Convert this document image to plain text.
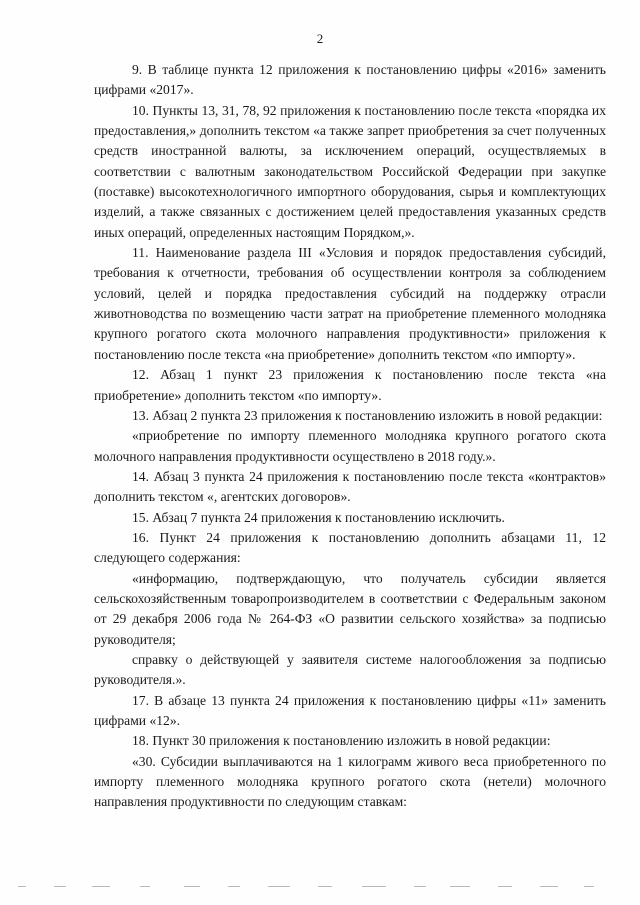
2

9. В таблице пункта 12 приложения к постановлению цифры «2016» заменить цифрами «2017».

10. Пункты 13, 31, 78, 92 приложения к постановлению после текста «порядка их предоставления,» дополнить текстом «а также запрет приобретения за счет полученных средств иностранной валюты, за исключением операций, осуществляемых в соответствии с валютным законодательством Российской Федерации при закупке (поставке) высокотехнологичного импортного оборудования, сырья и комплектующих изделий, а также связанных с достижением целей предоставления указанных средств иных операций, определенных настоящим Порядком,».

11. Наименование раздела III «Условия и порядок предоставления субсидий, требования к отчетности, требования об осуществлении контроля за соблюдением условий, целей и порядка предоставления субсидий на поддержку отрасли животноводства по возмещению части затрат на приобретение племенного молодняка крупного рогатого скота молочного направления продуктивности» приложения к постановлению после текста «на приобретение» дополнить текстом «по импорту».

12. Абзац 1 пункт 23 приложения к постановлению после текста «на приобретение» дополнить текстом «по импорту».

13. Абзац 2 пункта 23 приложения к постановлению изложить в новой редакции:

«приобретение по импорту племенного молодняка крупного рогатого скота молочного направления продуктивности осуществлено в 2018 году.».

14. Абзац 3 пункта 24 приложения к постановлению после текста «контрактов» дополнить текстом «, агентских договоров».

15. Абзац 7 пункта 24 приложения к постановлению исключить.

16. Пункт 24 приложения к постановлению дополнить абзацами 11, 12 следующего содержания:

«информацию, подтверждающую, что получатель субсидии является сельскохозяйственным товаропроизводителем в соответствии с Федеральным законом от 29 декабря 2006 года № 264-ФЗ «О развитии сельского хозяйства» за подписью руководителя;

справку о действующей у заявителя системе налогообложения за подписью руководителя.».

17. В абзаце 13 пункта 24 приложения к постановлению цифры «11» заменить цифрами «12».

18. Пункт 30 приложения к постановлению изложить в новой редакции:

«30. Субсидии выплачиваются на 1 килограмм живого веса приобретенного по импорту племенного молодняка крупного рогатого скота (нетели) молочного направления продуктивности по следующим ставкам:
